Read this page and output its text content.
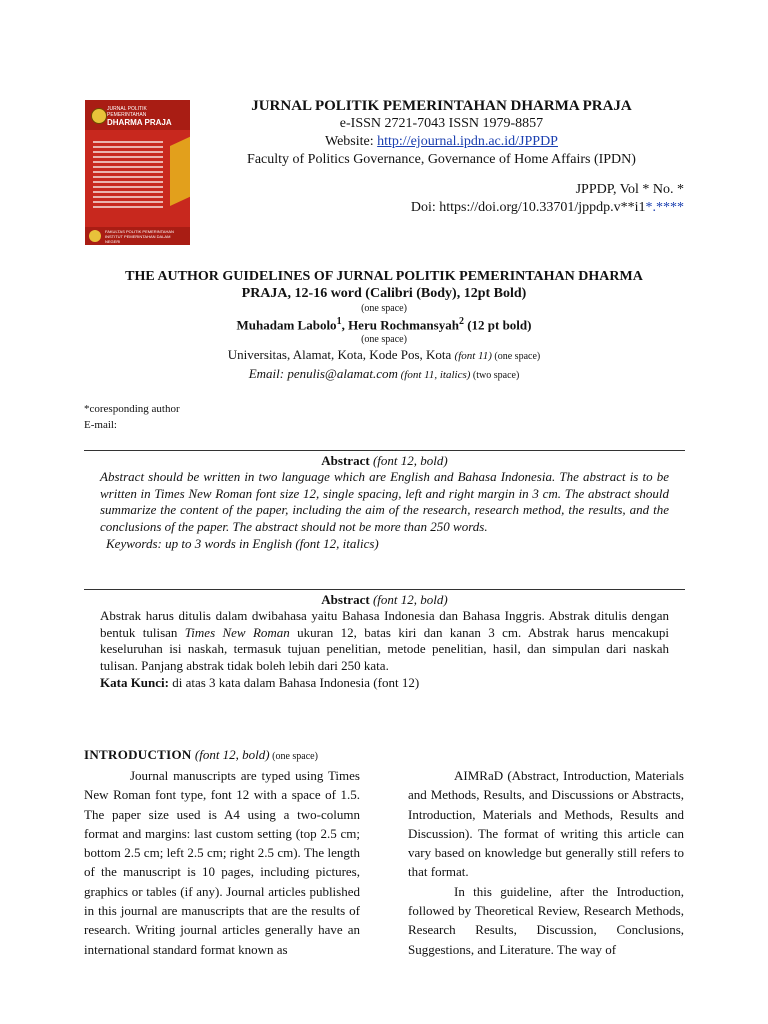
JURNAL POLITIK PEMERINTAHAN
DHARMA PRAJA
FAKULTAS POLITIK PEMERINTAHAN INSTITUT PEMERINTAHAN DALAM NEGERI
JURNAL POLITIK PEMERINTAHAN DHARMA PRAJA
e-ISSN 2721-7043 ISSN 1979-8857
Website: http://ejournal.ipdn.ac.id/JPPDP
Faculty of Politics Governance, Governance of Home Affairs (IPDN)
JPPDP, Vol * No. *
Doi: https://doi.org/10.33701/jppdp.v**i1*.****
THE AUTHOR GUIDELINES OF JURNAL POLITIK PEMERINTAHAN DHARMA
PRAJA, 12-16 word (Calibri (Body), 12pt Bold)
(one space)
Muhadam Labolo$^1$, Heru Rochmansyah$^2$ (12 pt bold)
(one space)
Universitas, Alamat, Kota, Kode Pos, Kota (font 11) (one space)
Email: penulis@alamat.com (font 11, italics) (two space)
*coresponding author
E-mail:
Abstract (font 12, bold)
Abstract should be written in two language which are English and Bahasa Indonesia. The abstract is to be written in Times New Roman font size 12, single spacing, left and right margin in 3 cm. The abstract should summarize the content of the paper, including the aim of the research, research method, the results, and the conclusions of the paper. The abstract should not be more than 250 words.
Keywords: up to 3 words in English (font 12, italics)
Abstract (font 12, bold)
Abstrak harus ditulis dalam dwibahasa yaitu Bahasa Indonesia dan Bahasa Inggris. Abstrak ditulis dengan bentuk tulisan Times New Roman ukuran 12, batas kiri dan kanan 3 cm. Abstrak harus mencakupi keseluruhan isi naskah, termasuk tujuan penelitian, metode penelitian, hasil, dan simpulan dari naskah tulisan. Panjang abstrak tidak boleh lebih dari 250 kata.
Kata Kunci: di atas 3 kata dalam Bahasa Indonesia (font 12)
INTRODUCTION (font 12, bold) (one space)

Journal manuscripts are typed using Times New Roman font type, font 12 with a space of 1.5. The paper size used is A4 using a two-column format and margins: last custom setting (top 2.5 cm; bottom 2.5 cm; left 2.5 cm; right 2.5 cm). The length of the manuscript is 10 pages, including pictures, graphics or tables (if any). Journal articles published in this journal are manuscripts that are the results of research. Writing journal articles generally have an international standard format known as

AIMRaD (Abstract, Introduction, Materials and Methods, Results, and Discussions or Abstracts, Introduction, Materials and Methods, Results and Discussion). The format of writing this article can vary based on knowledge but generally still refers to that format.

In this guideline, after the Introduction, followed by Theoretical Review, Research Methods, Research Results, Discussion, Conclusions, Suggestions, and Literature. The way of
